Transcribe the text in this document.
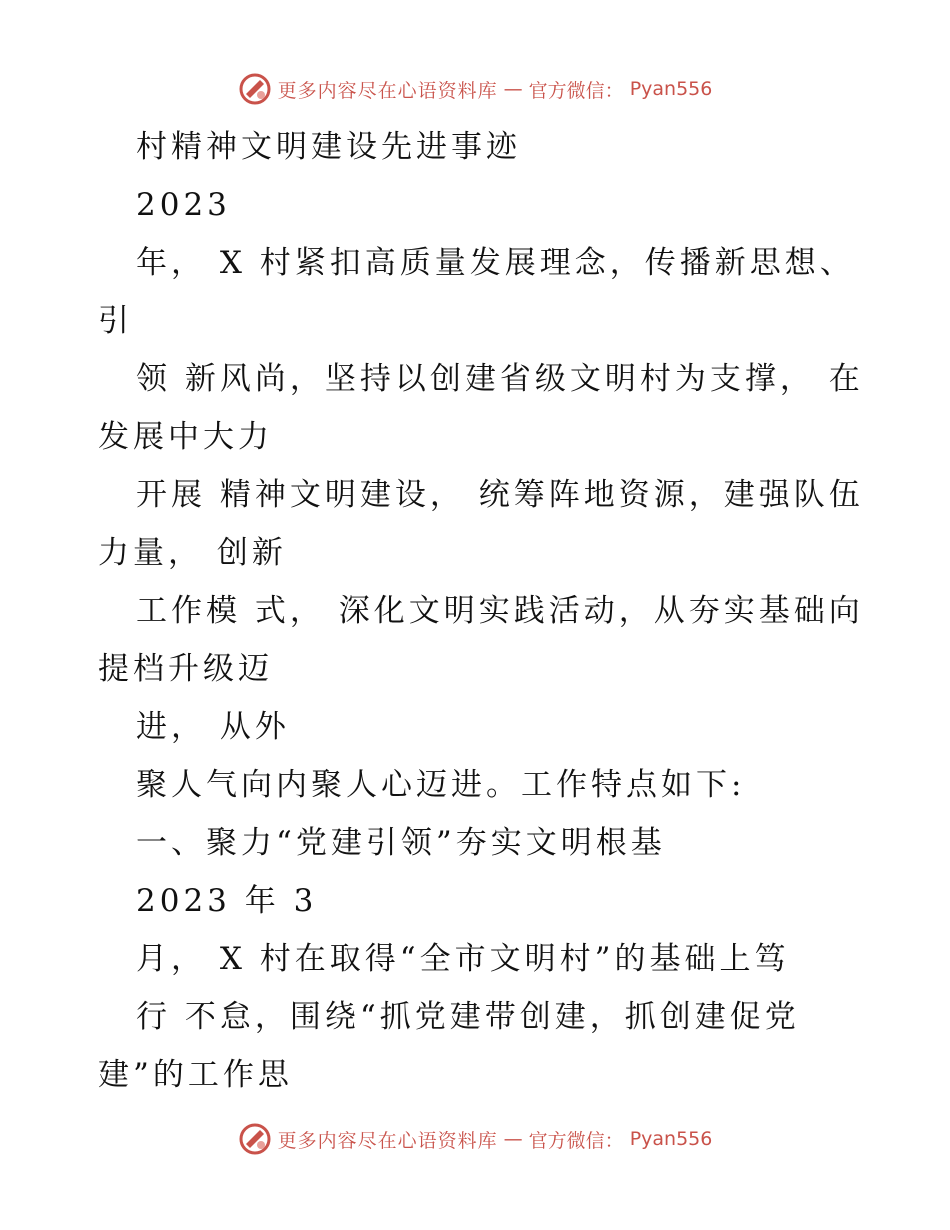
更多内容尽在心语资料库 — 官方微信： Pyan556
村精神文明建设先进事迹
2023
年， X 村紧扣高质量发展理念，传播新思想、
引
领 新风尚，坚持以创建省级文明村为支撑， 在
发展中大力
开展 精神文明建设， 统筹阵地资源，建强队伍
力量， 创新
工作模 式， 深化文明实践活动，从夯实基础向
提档升级迈
进， 从外
聚人气向内聚人心迈进。工作特点如下:
一、聚力“党建引领”夯实文明根基
2023 年 3
月， X 村在取得“全市文明村”的基础上笃
行 不怠，围绕“抓党建带创建，抓创建促党
建”的工作思
更多内容尽在心语资料库 — 官方微信： Pyan556
